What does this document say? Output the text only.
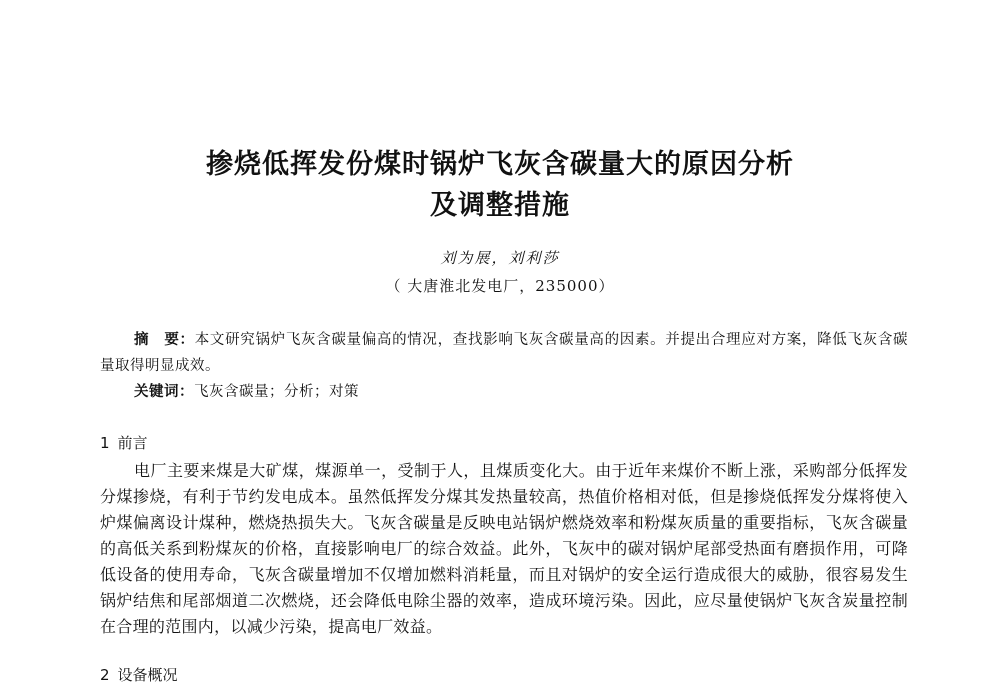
掺烧低挥发份煤时锅炉飞灰含碳量大的原因分析
及调整措施
刘为展，刘利莎
（ 大唐淮北发电厂，235000）
摘　要：本文研究锅炉飞灰含碳量偏高的情况，查找影响飞灰含碳量高的因素。并提出合理应对方案，降低飞灰含碳量取得明显成效。
关键词：飞灰含碳量；分析；对策
1 前言
电厂主要来煤是大矿煤，煤源单一，受制于人，且煤质变化大。由于近年来煤价不断上涨，采购部分低挥发分煤掺烧，有利于节约发电成本。虽然低挥发分煤其发热量较高，热值价格相对低，但是掺烧低挥发分煤将使入炉煤偏离设计煤种，燃烧热损失大。飞灰含碳量是反映电站锅炉燃烧效率和粉煤灰质量的重要指标，飞灰含碳量的高低关系到粉煤灰的价格，直接影响电厂的综合效益。此外，飞灰中的碳对锅炉尾部受热面有磨损作用，可降低设备的使用寿命，飞灰含碳量增加不仅增加燃料消耗量，而且对锅炉的安全运行造成很大的威胁，很容易发生锅炉结焦和尾部烟道二次燃烧，还会降低电除尘器的效率，造成环境污染。因此，应尽量使锅炉飞灰含炭量控制在合理的范围内，以减少污染，提高电厂效益。
2 设备概况
